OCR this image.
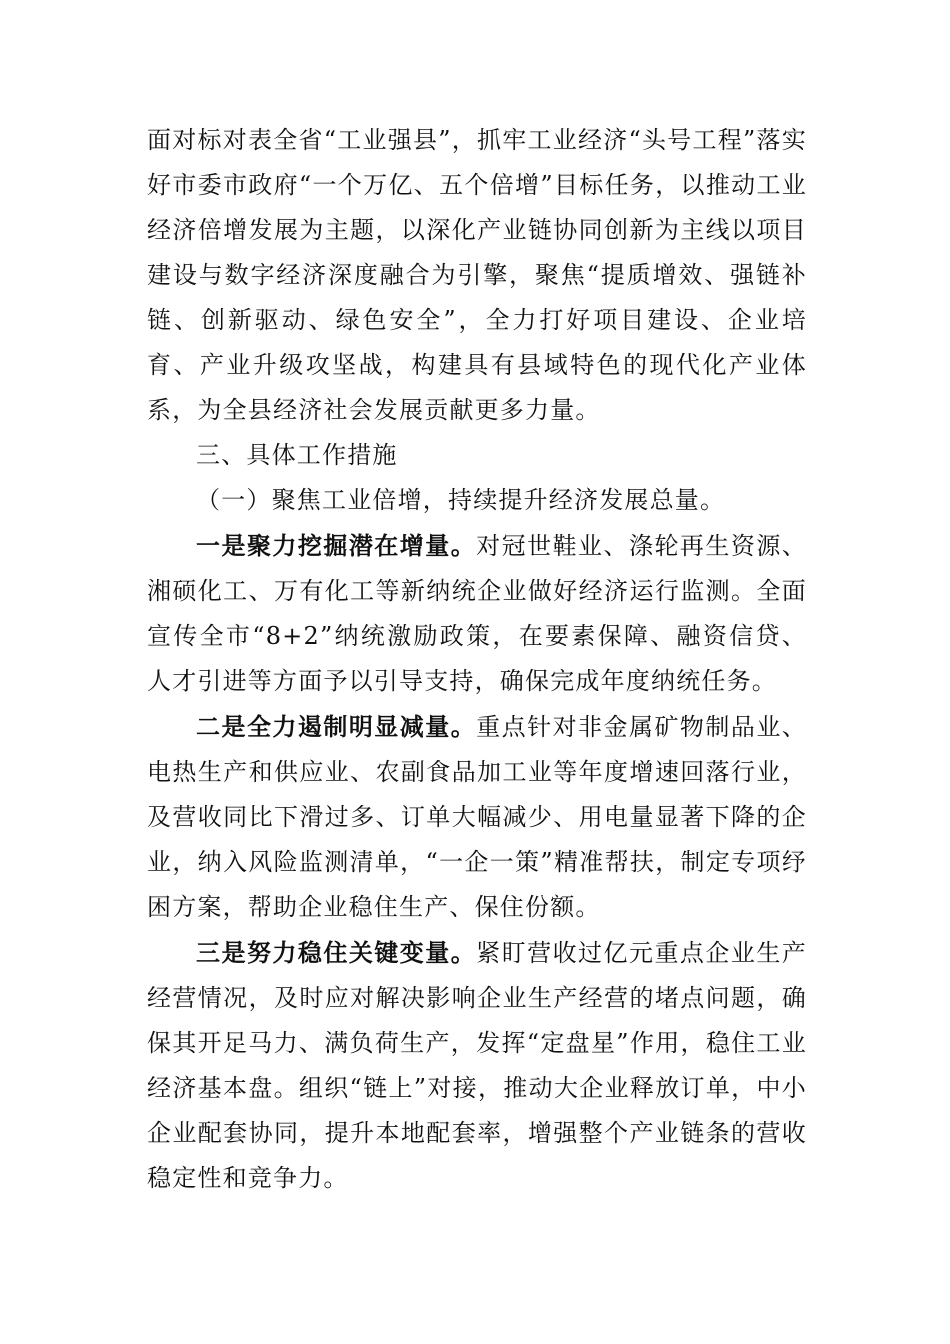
面对标对表全省“工业强县”，抓牢工业经济“头号工程”落实好市委市政府“一个万亿、五个倍增”目标任务，以推动工业经济倍增发展为主题，以深化产业链协同创新为主线以项目建设与数字经济深度融合为引擎，聚焦“提质增效、强链补链、创新驱动、绿色安全”，全力打好项目建设、企业培育、产业升级攻坚战，构建具有县域特色的现代化产业体系，为全县经济社会发展贡献更多力量。

三、具体工作措施

（一）聚焦工业倍增，持续提升经济发展总量。

一是聚力挖掘潜在增量。对冠世鞋业、涤轮再生资源、湘硕化工、万有化工等新纳统企业做好经济运行监测。全面宣传全市“8+2”纳统激励政策，在要素保障、融资信贷、人才引进等方面予以引导支持，确保完成年度纳统任务。

二是全力遏制明显减量。重点针对非金属矿物制品业、电热生产和供应业、农副食品加工业等年度增速回落行业，及营收同比下滑过多、订单大幅减少、用电量显著下降的企业，纳入风险监测清单，“一企一策”精准帮扶，制定专项纾困方案，帮助企业稳住生产、保住份额。

三是努力稳住关键变量。紧盯营收过亿元重点企业生产经营情况，及时应对解决影响企业生产经营的堵点问题，确保其开足马力、满负荷生产，发挥“定盘星”作用，稳住工业经济基本盘。组织“链上”对接，推动大企业释放订单，中小企业配套协同，提升本地配套率，增强整个产业链条的营收稳定性和竞争力。
